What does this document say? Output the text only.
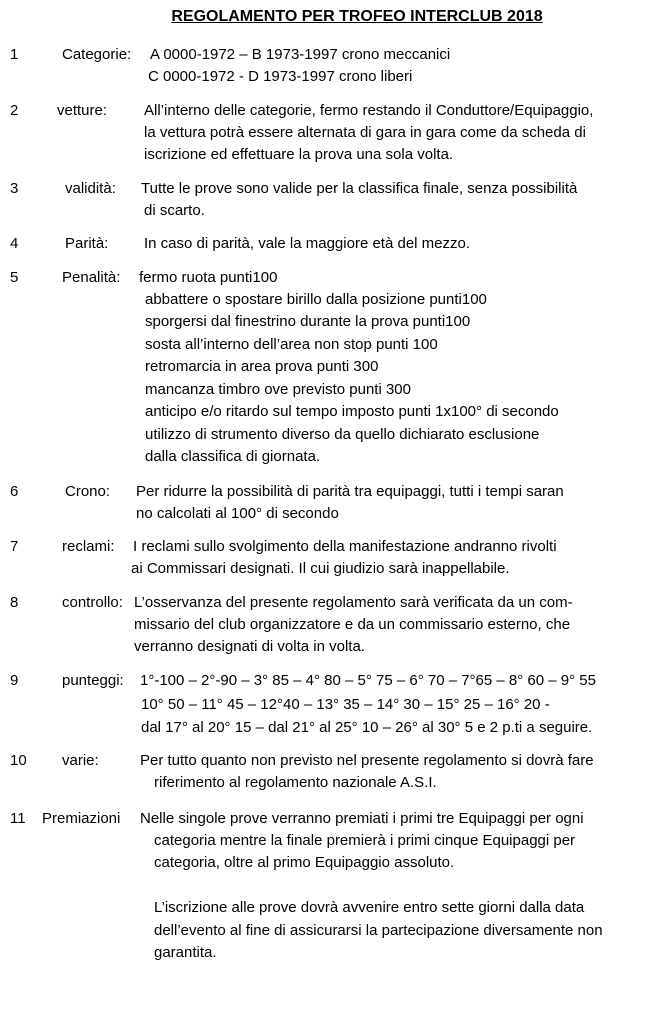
REGOLAMENTO PER TROFEO INTERCLUB 2018
1	Categorie: A 0000-1972 – B 1973-1997 crono meccanici
C 0000-1972 - D 1973-1997 crono liberi
2	vetture: All’interno delle categorie, fermo restando il Conduttore/Equipaggio,
la vettura potrà essere alternata di gara in gara come da scheda di
iscrizione ed effettuare la prova una sola volta.
3	validità: Tutte le prove sono valide per la classifica finale, senza possibilità
di scarto.
4	Parità: In caso di parità, vale la maggiore età del mezzo.
5	Penalità: fermo ruota punti100
abbattere o spostare birillo dalla posizione punti100
sporgersi dal finestrino durante la prova punti100
sosta all’interno dell’area non stop punti 100
retromarcia in area prova punti 300
mancanza timbro ove previsto punti 300
anticipo e/o ritardo sul tempo imposto punti 1x100° di secondo
utilizzo di strumento diverso da quello dichiarato esclusione
dalla classifica di giornata.
6	Crono: Per ridurre la possibilità di parità tra equipaggi, tutti i tempi saran
no calcolati al 100° di secondo
7	reclami: I reclami sullo svolgimento della manifestazione andranno rivolti
ai Commissari designati. Il cui giudizio sarà inappellabile.
8	controllo: L’osservanza del presente regolamento sarà verificata da un com-
missario del club organizzatore e da un commissario esterno, che
verranno designati di volta in volta.
9	punteggi: 1°-100 – 2°-90 – 3° 85 – 4° 80 – 5° 75 – 6° 70 – 7°65 – 8° 60 – 9° 55
10° 50 – 11° 45 – 12°40 – 13° 35 – 14° 30 – 15° 25 – 16° 20 -
dal 17° al 20° 15 – dal 21° al 25° 10 – 26° al 30° 5 e 2 p.ti a seguire.
10 varie:	Per tutto quanto non previsto nel presente regolamento si dovrà fare
riferimento al regolamento nazionale A.S.I.
11 Premiazioni Nelle singole prove verranno premiati i primi tre Equipaggi per ogni
categoria mentre la finale premierà i primi cinque Equipaggi per
categoria, oltre al primo Equipaggio assoluto.
L’iscrizione alle prove dovrà avvenire entro sette giorni dalla data
dell’evento al fine di assicurarsi la partecipazione diversamente non
garantita.
